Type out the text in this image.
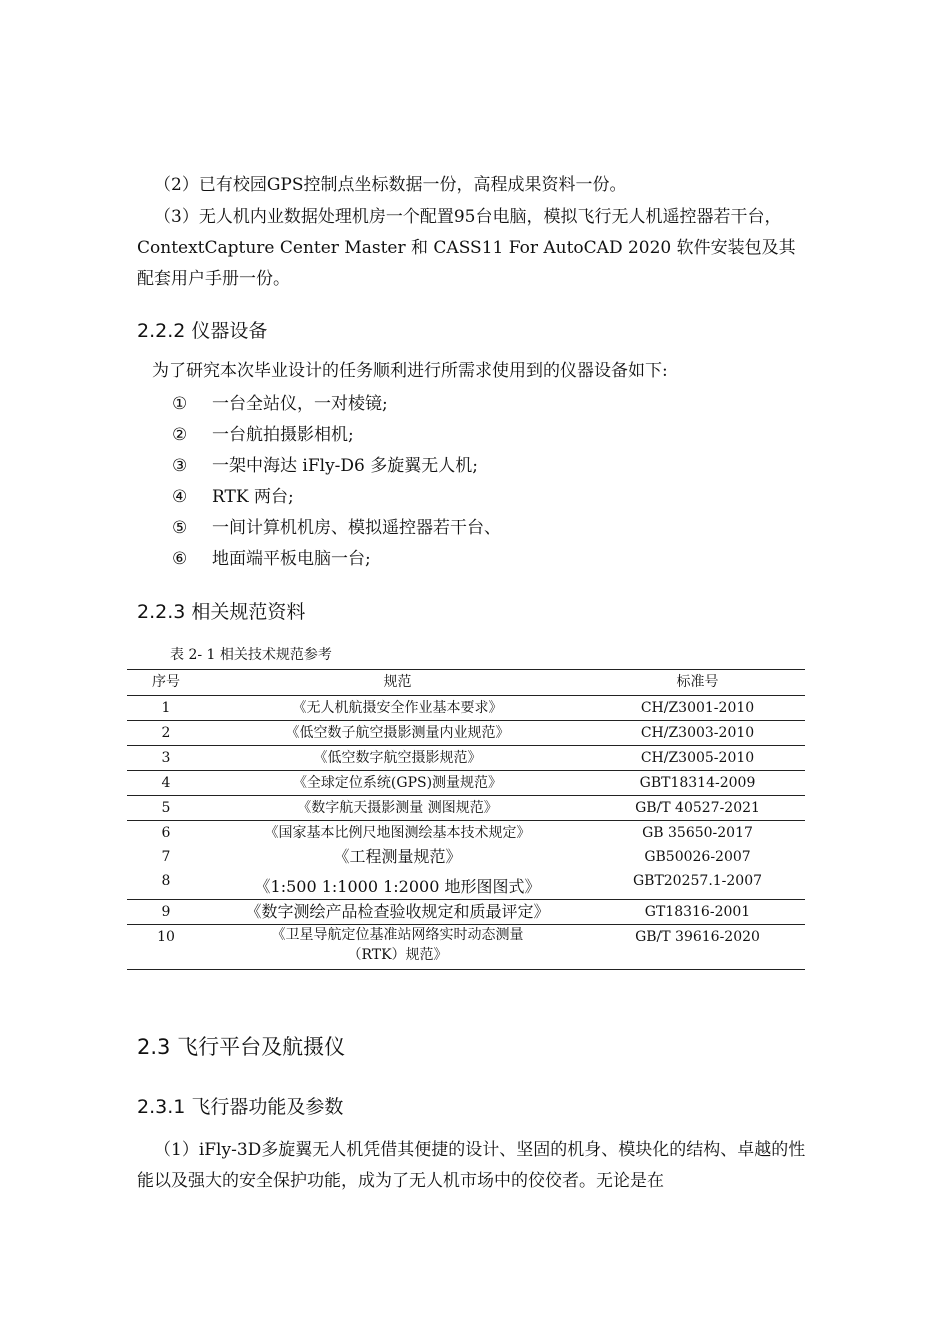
（2）已有校园GPS控制点坐标数据一份，高程成果资料一份。

（3）无人机内业数据处理机房一个配置95台电脑，模拟飞行无人机遥控器若干台，ContextCapture Center Master 和 CASS11 For AutoCAD 2020 软件安装包及其配套用户手册一份。

2.2.2 仪器设备

为了研究本次毕业设计的任务顺利进行所需求使用到的仪器设备如下:

① 一台全站仪，一对棱镜;
② 一台航拍摄影相机;
③ 一架中海达 iFly-D6 多旋翼无人机;
④ RTK 两台;
⑤ 一间计算机机房、模拟遥控器若干台、
⑥ 地面端平板电脑一台;
2.2.3 相关规范资料

表 2- 1 相关技术规范参考

序号	规范	标准号
1	《无人机航摄安全作业基本要求》	CH/Z3001-2010
2	《低空数子航空摄影测量内业规范》	CH/Z3003-2010
3	《低空数字航空摄影规范》	CH/Z3005-2010
4	《全球定位系统(GPS)测量规范》	GBT18314-2009
5	《数字航天摄影测量 测图规范》	GB/T 40527-2021
6	《国家基本比例尺地图测绘基本技术规定》	GB 35650-2017
7	《工程测量规范》	GB50026-2007
8	《1:500 1:1000 1:2000 地形图图式》	GBT20257.1-2007
9	《数字测绘产品检查验收规定和质最评定》	GT18316-2001
10	《卫星导航定位基准站网络实时动态测量（RTK）规范》	GB/T 39616-2020
2.3 飞行平台及航摄仪
2.3.1 飞行器功能及参数

（1）iFly-3D多旋翼无人机凭借其便捷的设计、坚固的机身、模块化的结构、卓越的性能以及强大的安全保护功能，成为了无人机市场中的佼佼者。无论是在
